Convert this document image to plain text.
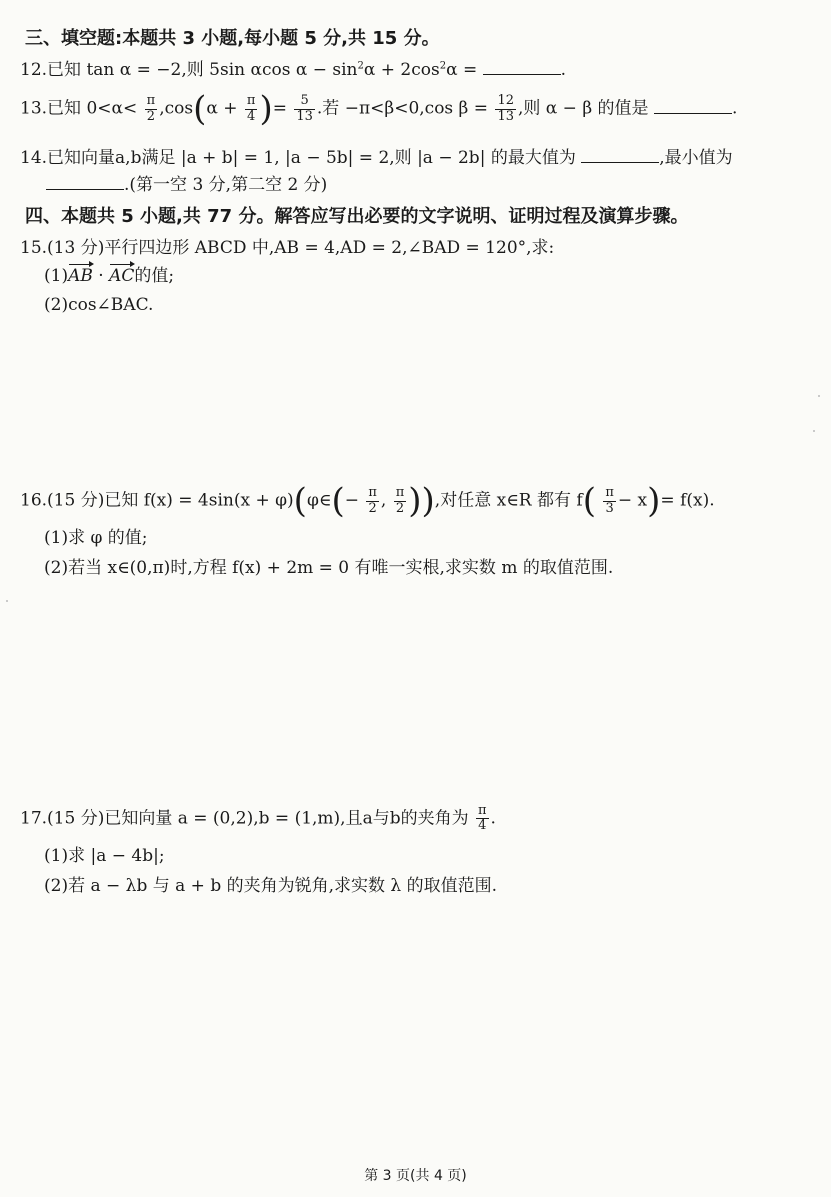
三、填空题:本题共 3 小题,每小题 5 分,共 15 分。
12.已知 tan α = −2,则 5sin αcos $\alpha - \sin^2\alpha + 2\cos^2\alpha$ =	.
13.已知 $0<\alpha< \frac{\pi}{2} ,\cos(\alpha + \frac{\pi}{4}$ )= $\frac{5}{13}$ .若 −π<β<0,cos $\beta = \frac{12}{13}$ ,则 α − β 的值是	.
14.已知向量a,b满足 |a + b| = 1, |a − 5b| = 2,则 |a − 2b| 的最大值为	,最小值为
.(第一空 3 分,第二空 2 分)
四、本题共 5 小题,共 77 分。解答应写出必要的文字说明、证明过程及演算步骤。
15.(13 分)平行四边形 ABCD 中,AB = 4,AD = 2,∠BAD = 120°,求:
(1)AB · AC的值;
(2)cos∠BAC.
16.(15 分)已知 f(x) = 4sin(x + φ)(φ∈(− $\frac{\pi}{2}$ , $\frac{\pi}{2}$ )),对任意 x∈R 都有 $f( \frac{\pi}{3} - x)= f(x)$.
(1)求 φ 的值;
(2)若当 x∈(0,π)时,方程 f(x) + 2m = 0 有唯一实根,求实数 m 的取值范围.
17.(15 分)已知向量 a = (0,2),b = (1,m),且a与b的夹角为 $\frac{\pi}{4}$ .
(1)求 |a − 4b|;
(2)若 a − λb 与 a + b 的夹角为锐角,求实数 λ 的取值范围.
第 3 页(共 4 页)
